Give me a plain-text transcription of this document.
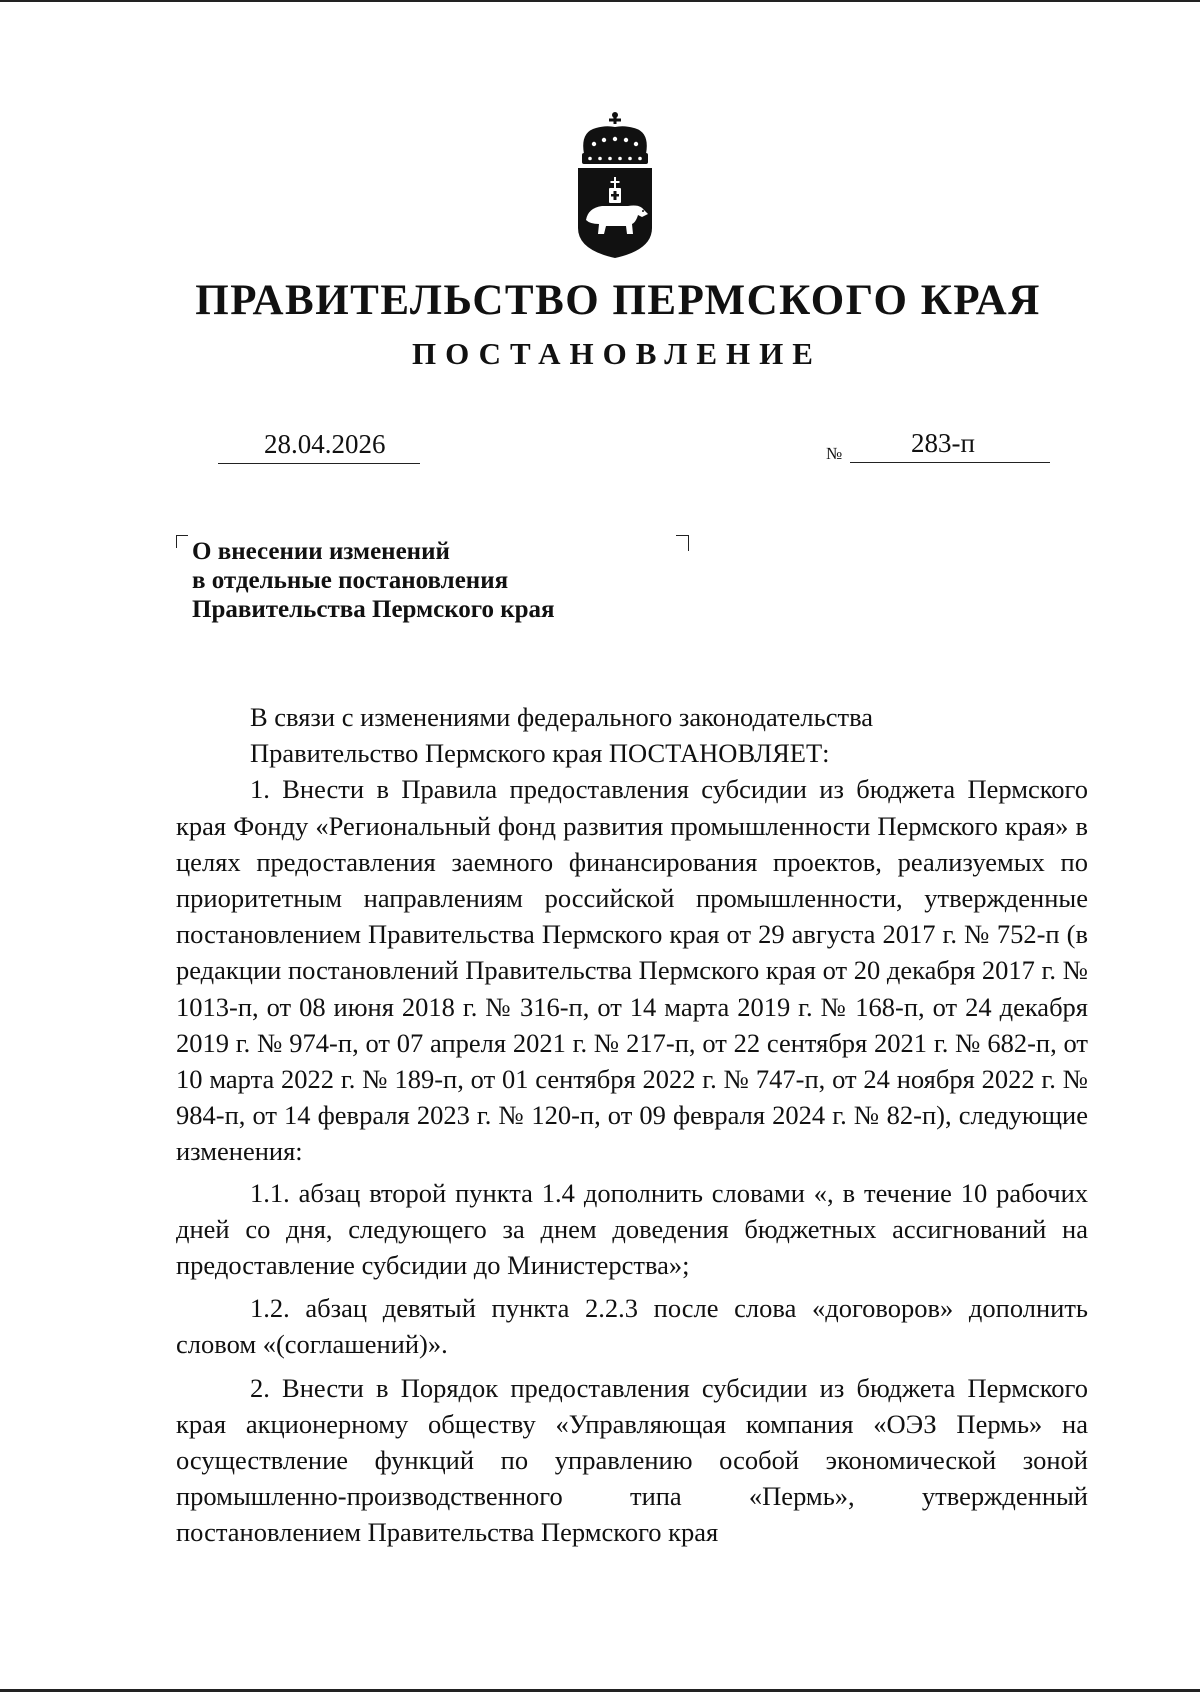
ПРАВИТЕЛЬСТВО ПЕРМСКОГО КРАЯ
ПОСТАНОВЛЕНИЕ
28.04.2026	№	283-п
О внесении изменений
в отдельные постановления
Правительства Пермского края

В связи с изменениями федерального законодательства

Правительство Пермского края ПОСТАНОВЛЯЕТ:

1. Внести в Правила предоставления субсидии из бюджета Пермского края Фонду «Региональный фонд развития промышленности Пермского края» в целях предоставления заемного финансирования проектов, реализуемых по приоритетным направлениям российской промышленности, утвержденные постановлением Правительства Пермского края от 29 августа 2017 г. № 752-п (в редакции постановлений Правительства Пермского края от 20 декабря 2017 г. № 1013-п, от 08 июня 2018 г. № 316-п, от 14 марта 2019 г. № 168-п, от 24 декабря 2019 г. № 974-п, от 07 апреля 2021 г. № 217-п, от 22 сентября 2021 г. № 682-п, от 10 марта 2022 г. № 189-п, от 01 сентября 2022 г. № 747-п, от 24 ноября 2022 г. № 984-п, от 14 февраля 2023 г. № 120-п, от 09 февраля 2024 г. № 82-п), следующие изменения:

1.1. абзац второй пункта 1.4 дополнить словами «, в течение 10 рабочих дней со дня, следующего за днем доведения бюджетных ассигнований на предоставление субсидии до Министерства»;

1.2. абзац девятый пункта 2.2.3 после слова «договоров» дополнить словом «(соглашений)».

2. Внести в Порядок предоставления субсидии из бюджета Пермского края акционерному обществу «Управляющая компания «ОЭЗ Пермь» на осуществление функций по управлению особой экономической зоной промышленно-производственного типа «Пермь», утвержденный постановлением Правительства Пермского края
